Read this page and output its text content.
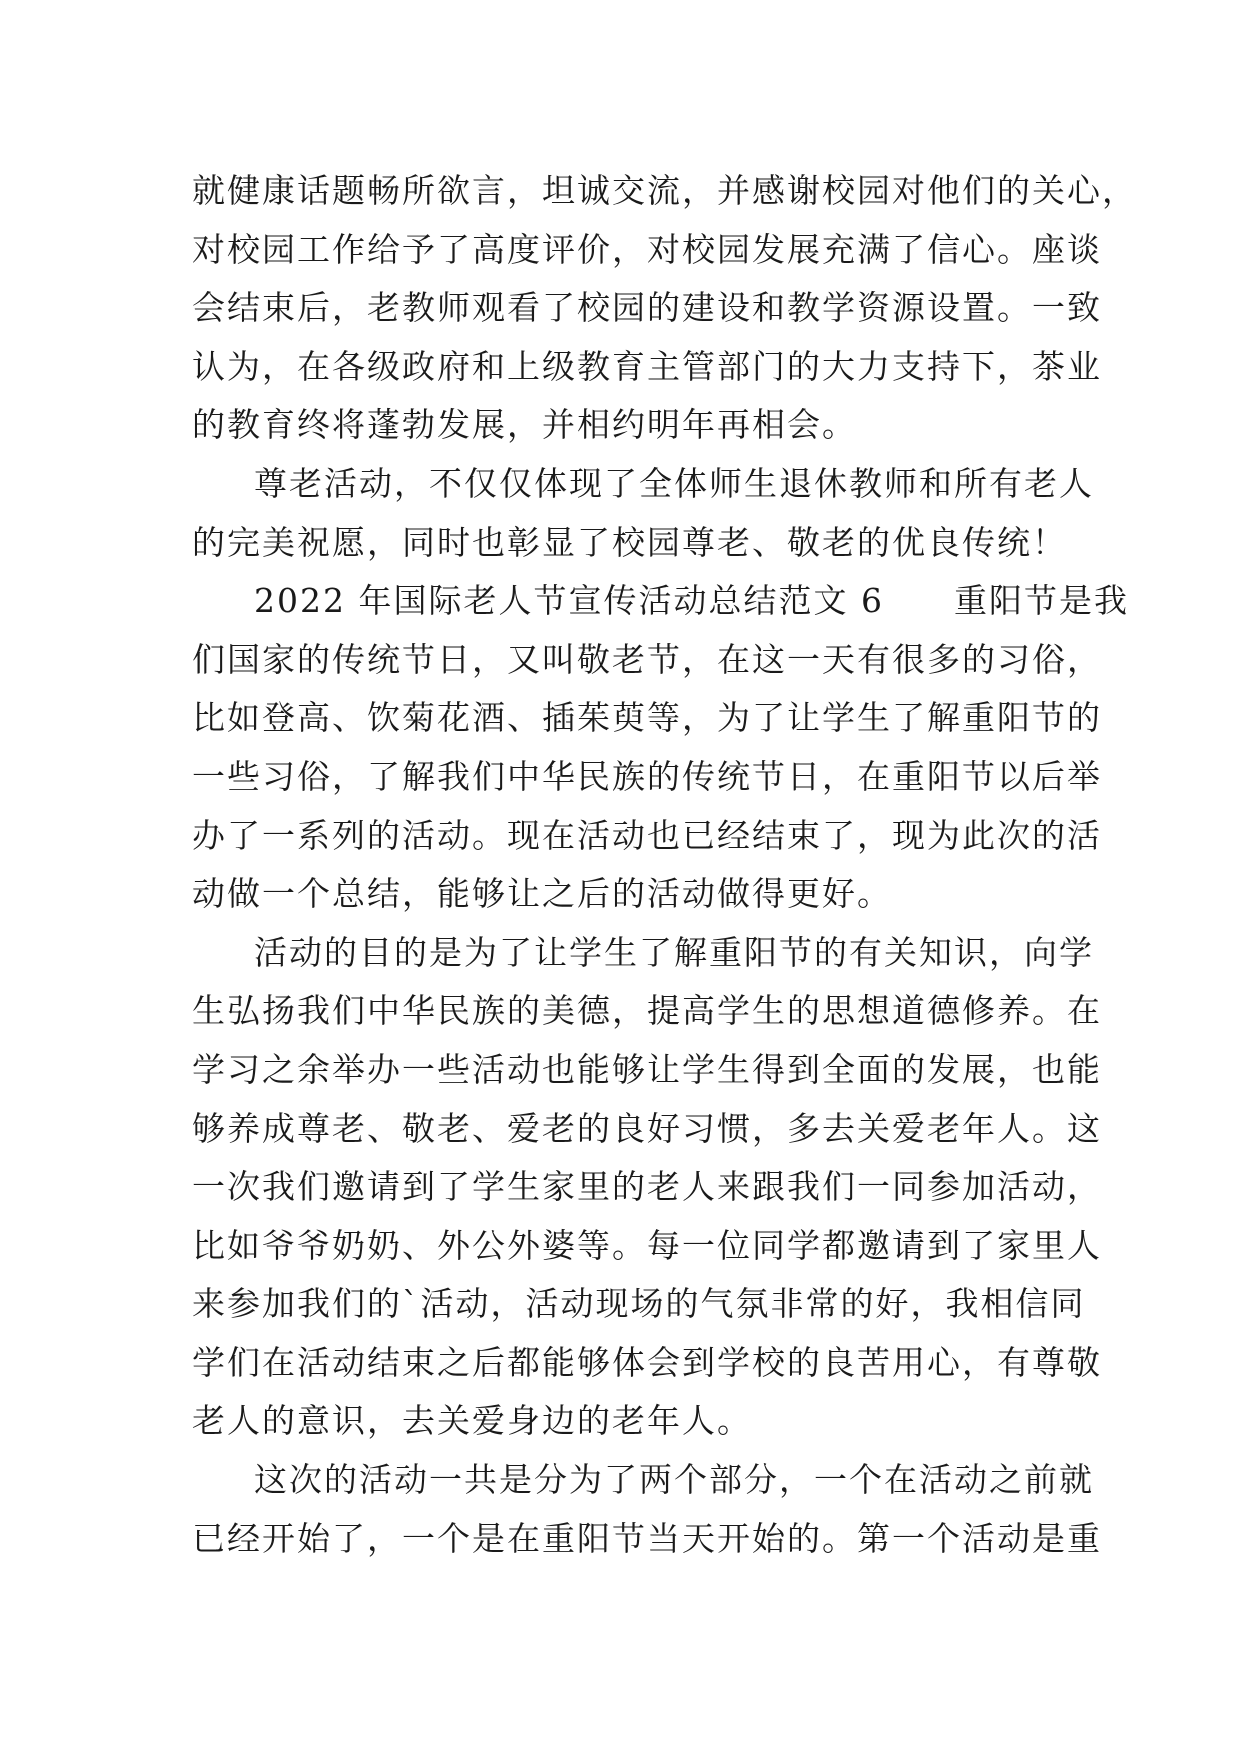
就健康话题畅所欲言，坦诚交流，并感谢校园对他们的关心，
对校园工作给予了高度评价，对校园发展充满了信心。座谈
会结束后，老教师观看了校园的建设和教学资源设置。一致
认为，在各级政府和上级教育主管部门的大力支持下，茶业
的教育终将蓬勃发展，并相约明年再相会。
尊老活动，不仅仅体现了全体师生退休教师和所有老人
的完美祝愿，同时也彰显了校园尊老、敬老的优良传统！
2022 年国际老人节宣传活动总结范文 6　　重阳节是我
们国家的传统节日，又叫敬老节，在这一天有很多的习俗，
比如登高、饮菊花酒、插茱萸等，为了让学生了解重阳节的
一些习俗，了解我们中华民族的传统节日，在重阳节以后举
办了一系列的活动。现在活动也已经结束了，现为此次的活
动做一个总结，能够让之后的活动做得更好。
活动的目的是为了让学生了解重阳节的有关知识，向学
生弘扬我们中华民族的美德，提高学生的思想道德修养。在
学习之余举办一些活动也能够让学生得到全面的发展，也能
够养成尊老、敬老、爱老的良好习惯，多去关爱老年人。这
一次我们邀请到了学生家里的老人来跟我们一同参加活动，
比如爷爷奶奶、外公外婆等。每一位同学都邀请到了家里人
来参加我们的`活动，活动现场的气氛非常的好，我相信同
学们在活动结束之后都能够体会到学校的良苦用心，有尊敬
老人的意识，去关爱身边的老年人。
这次的活动一共是分为了两个部分，一个在活动之前就
已经开始了，一个是在重阳节当天开始的。第一个活动是重
